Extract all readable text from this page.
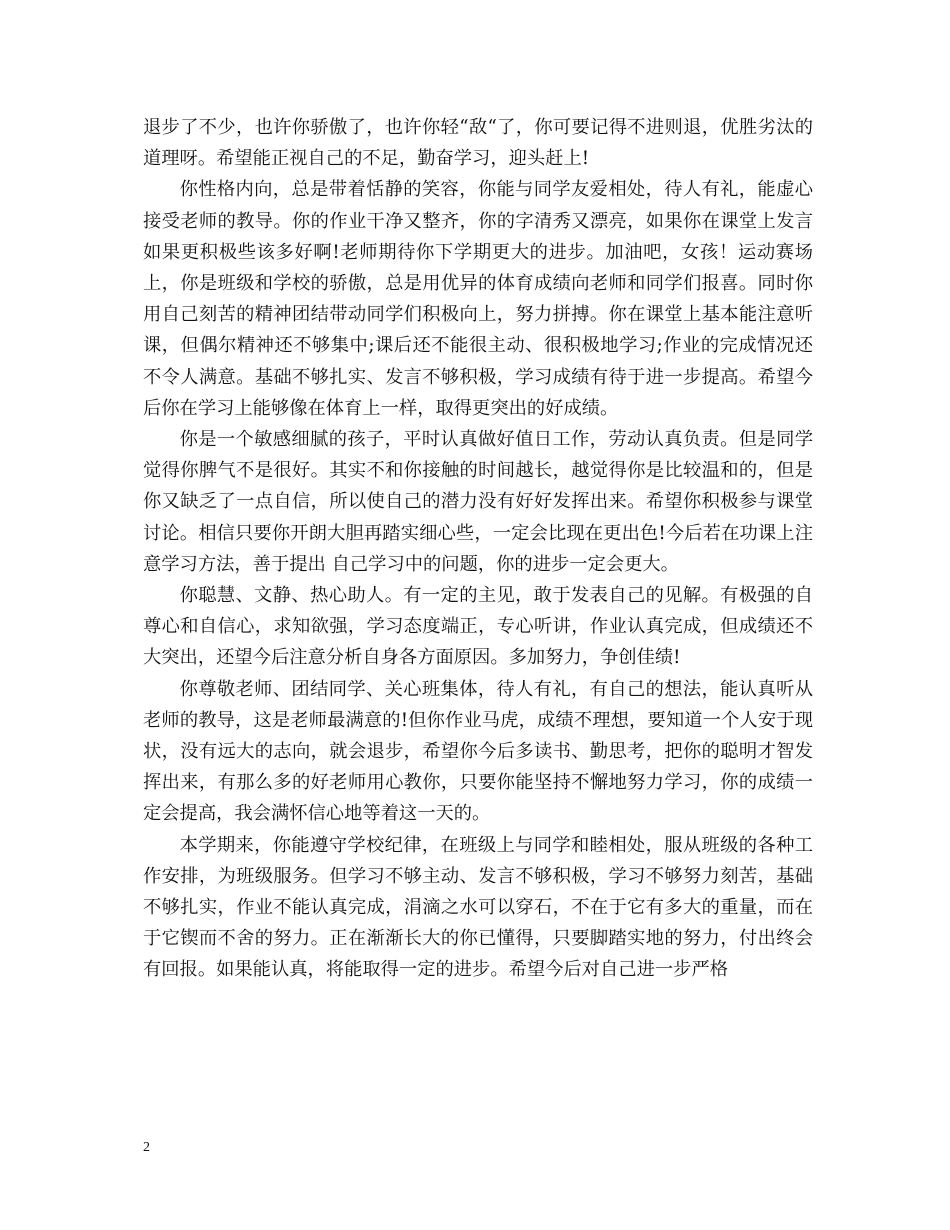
退步了不少，也许你骄傲了，也许你轻“敌“了，你可要记得不进则退，优胜劣汰的道理呀。希望能正视自己的不足，勤奋学习，迎头赶上!

你性格内向，总是带着恬静的笑容，你能与同学友爱相处，待人有礼，能虚心接受老师的教导。你的作业干净又整齐，你的字清秀又漂亮，如果你在课堂上发言如果更积极些该多好啊!老师期待你下学期更大的进步。加油吧，女孩！运动赛场上，你是班级和学校的骄傲，总是用优异的体育成绩向老师和同学们报喜。同时你用自己刻苦的精神团结带动同学们积极向上，努力拼搏。你在课堂上基本能注意听课，但偶尔精神还不够集中;课后还不能很主动、很积极地学习;作业的完成情况还不令人满意。基础不够扎实、发言不够积极，学习成绩有待于进一步提高。希望今后你在学习上能够像在体育上一样，取得更突出的好成绩。

你是一个敏感细腻的孩子，平时认真做好值日工作，劳动认真负责。但是同学觉得你脾气不是很好。其实不和你接触的时间越长，越觉得你是比较温和的，但是你又缺乏了一点自信，所以使自己的潜力没有好好发挥出来。希望你积极参与课堂讨论。相信只要你开朗大胆再踏实细心些，一定会比现在更出色!今后若在功课上注意学习方法，善于提出 自己学习中的问题，你的进步一定会更大。

你聪慧、文静、热心助人。有一定的主见，敢于发表自己的见解。有极强的自尊心和自信心，求知欲强，学习态度端正，专心听讲，作业认真完成，但成绩还不大突出，还望今后注意分析自身各方面原因。多加努力，争创佳绩!

你尊敬老师、团结同学、关心班集体，待人有礼，有自己的想法，能认真听从老师的教导，这是老师最满意的!但你作业马虎，成绩不理想，要知道一个人安于现状，没有远大的志向，就会退步，希望你今后多读书、勤思考，把你的聪明才智发挥出来，有那么多的好老师用心教你，只要你能坚持不懈地努力学习，你的成绩一定会提高，我会满怀信心地等着这一天的。

本学期来，你能遵守学校纪律，在班级上与同学和睦相处，服从班级的各种工作安排，为班级服务。但学习不够主动、发言不够积极，学习不够努力刻苦，基础不够扎实，作业不能认真完成，涓滴之水可以穿石，不在于它有多大的重量，而在于它锲而不舍的努力。正在渐渐长大的你已懂得，只要脚踏实地的努力，付出终会有回报。如果能认真，将能取得一定的进步。希望今后对自己进一步严格

2
